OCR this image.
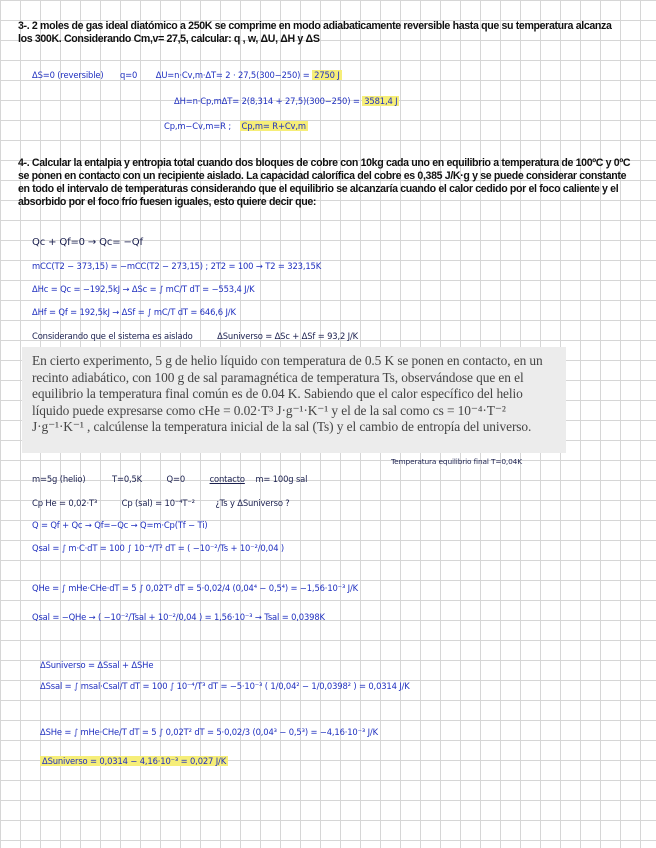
3-. 2 moles de gas ideal diatómico a 250K se comprime en modo adiabaticamente reversible hasta que su temperatura alcanza los 300K. Considerando Cm,v= 27,5, calcular: q , w, ΔU, ΔH y ΔS

ΔS=0 (reversible) q=0 ΔU=n·Cv,m·ΔT= 2 · 27,5(300−250) = 2750 J
ΔH=n·Cp,mΔT= 2(8,314 + 27,5)(300−250) = 3581,4 J
Cp,m−Cv,m=R ; Cp,m= R+Cv,m

4-. Calcular la entalpia y entropia total cuando dos bloques de cobre con 10kg cada uno en equilibrio a temperatura de 100ºC y 0ºC se ponen en contacto con un recipiente aislado. La capacidad calorífica del cobre es 0,385 J/K·g y se puede considerar constante en todo el intervalo de temperaturas considerando que el equilibrio se alcanzaría cuando el calor cedido por el foco caliente y el absorbido por el foco frío fuesen iguales, esto quiere decir que:

Qc + Qf=0 → Qc= −Qf
mCC(T2 − 373,15) = −mCC(T2 − 273,15) ; 2T2 = 100 → T2 = 323,15K
ΔHc = Qc = −192,5kJ → ΔSc = ∫ mC/T dT = −553,4 J/K
ΔHf = Qf = 192,5kJ → ΔSf = ∫ mC/T dT = 646,6 J/K
Considerando que el sistema es aislado	ΔSuniverso = ΔSc + ΔSf = 93,2 J/K

En cierto experimento, 5 g de helio líquido con temperatura de 0.5 K se ponen en contacto, en un recinto adiabático, con 100 g de sal paramagnética de temperatura Ts, observándose que en el equilibrio la temperatura final común es de 0.04 K. Sabiendo que el calor específico del helio líquido puede expresarse como cHe = 0.02·T³ J·g⁻¹·K⁻¹ y el de la sal como cs = 10⁻⁴·T⁻² J·g⁻¹·K⁻¹ , calcúlense la temperatura inicial de la sal (Ts) y el cambio de entropía del universo.

Temperatura equilibrio final T=0,04K
m=5g (helio)	T=0,5K	Q=0	contacto m= 100g sal
Cp He = 0,02·T³	Cp (sal) = 10⁻⁴T⁻² ¿Ts y ΔSuniverso ?
Q = Qf + Qc → Qf=−Qc → Q=m·Cp(Tf − Ti)
Qsal = ∫ m·C·dT = 100 ∫ 10⁻⁴/T² dT = ( −10⁻²/Ts + 10⁻²/0,04 )
QHe = ∫ mHe·CHe·dT = 5 ∫ 0,02T³ dT = 5·0,02/4 (0,04⁴ − 0,5⁴) = −1,56·10⁻³ J/K
Qsal = −QHe → ( −10⁻²/Tsal + 10⁻²/0,04 ) = 1,56·10⁻³ → Tsal = 0,0398K
ΔSuniverso = ΔSsal + ΔSHe
ΔSsal = ∫ msal·Csal/T dT = 100 ∫ 10⁻⁴/T³ dT = −5·10⁻³ ( 1/0,04² − 1/0,0398² ) = 0,0314 J/K
ΔSHe = ∫ mHe·CHe/T dT = 5 ∫ 0,02T² dT = 5·0,02/3 (0,04³ − 0,5³) = −4,16·10⁻³ J/K
ΔSuniverso = 0,0314 − 4,16·10⁻³ = 0,027 J/K
